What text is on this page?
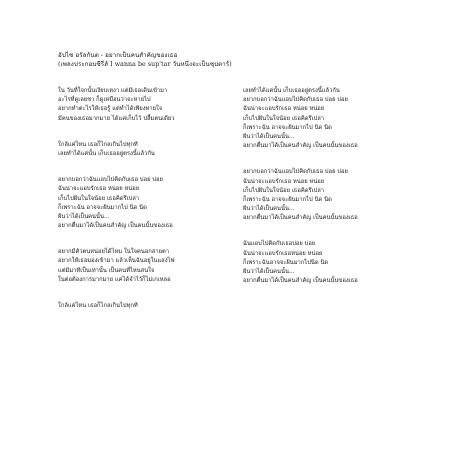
อัปไซ อรัลกันต - อยากเป็นคนสำคัญของเธอ
(เพลงประกอบซีรีส์ I wanna be sup'tar วันหนึ่งจะเป็นซุปตาร์)
ใน วันที่ใจกนั้นเงียบเหงา แต่มีเธอเดินเข้ามา
อะไรที่ดูเลยชา ก็ดูเหมือนว่าจะหายไป
อยากทำตะไรให้เธอรู้ แต่ทำได้เพียงหายใจ
มีคนของเธอมากมาย ได้แค่เก็บไว้ ปลื้มตนเดียว
ใกล้แค่ไหน เธอก็ไกลเกินไปทุกที
เลยทำได้แค่นั้น เก็บเธออยู่ตรงนี้แล้วกัน
อยากบอกว่าฉันแอบไปคิดกับเธอ บ่อย บ่อย
ฉันน่าจะแอบรักเธอ หน่อย หน่อย
เก็บไปฝันในใจน้อย เธอคิดรึเปล่า
ก็เพราะฉัน อาจจะฝันมากไป นิด นิด
ฝันว่าได้เป็นคนนั้น...
อยากตื่นมาได้เป็นคนสำคัญ เป็นคนนั้นของเธอ
อยากมีตัวตนหน่อยได้ไหม ในใจคนอกสายตา
อยากให้เธอมองเข้ามา แล้วเห็นฉันอยู่ในแสงไฟ
แต่มีมาทีเป็นเท่านั้น เป็นคนที่ไหนสนใจ
ในต่อต้องการมากมาย แค่ได้จำไว้ก็ไม่เกเหลอ
ใกล้แค่ไหน เธอก็ไกลเกินไปทุกที
เลยทำได้แค่นั้น เก็บเธออยู่ตรงนี้แล้วกัน
อยากบอกว่าฉันแอบไปคิดกับเธอ บ่อย บ่อย
ฉันน่าจะแอบรักเธอ หน่อย หน่อย
เก็บไปฝันในใจน้อย เธอคิดรึเปล่า
ก็เพราะฉัน อาจจะฝันมากไป นิด นิด
ฝันว่าได้เป็นคนนั้น...
อยากตื่นมาได้เป็นคนสำคัญ เป็นคนนั้นของเธอ
อยากบอกว่าฉันแอบไปคิดกับเธอ บ่อย บ่อย
ฉันน่าจะแอบรักเธอ หน่อย หน่อย
เก็บไปฝันในใจน้อย เธอคิดรึเปล่า
ก็เพราะฉัน อาจจะฝันมากไป นิด นิด
ฝันว่าได้เป็นคนนั้น...
อยากตื่นมาได้เป็นคนสำคัญ เป็นคนนั้นของเธอ
ฉันแอบไปคิดกับเธอบ่อย บ่อย
ฉันน่าจะแอบรักเธอหน่อย หน่อย
ก็เพราะฉันอาจจะฝันมากไปนิด นิด
ฝันว่าได้เป็นคนนั้น...
อยากตื่นมาได้เป็นคนสำคัญ เป็นคนนั้นของเธอ
